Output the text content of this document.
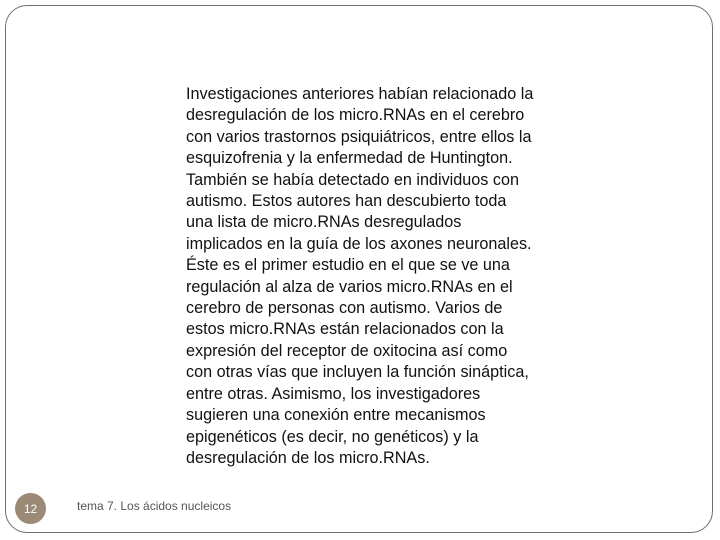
Investigaciones anteriores habían relacionado la desregulación de los micro.RNAs en el cerebro con varios trastornos psiquiátricos, entre ellos la esquizofrenia y la enfermedad de Huntington. También se había detectado en individuos con autismo. Estos autores han descubierto toda una lista de micro.RNAs desregulados implicados en la guía de los axones neuronales. Éste es el primer estudio en el que se ve una regulación al alza de varios micro.RNAs en el cerebro de personas con autismo. Varios de estos micro.RNAs están relacionados con la expresión del receptor de oxitocina así como con otras vías que incluyen la función sináptica, entre otras. Asimismo, los investigadores sugieren una conexión entre mecanismos epigenéticos (es decir, no genéticos) y la desregulación de los micro.RNAs.

12	tema 7. Los ácidos nucleicos
